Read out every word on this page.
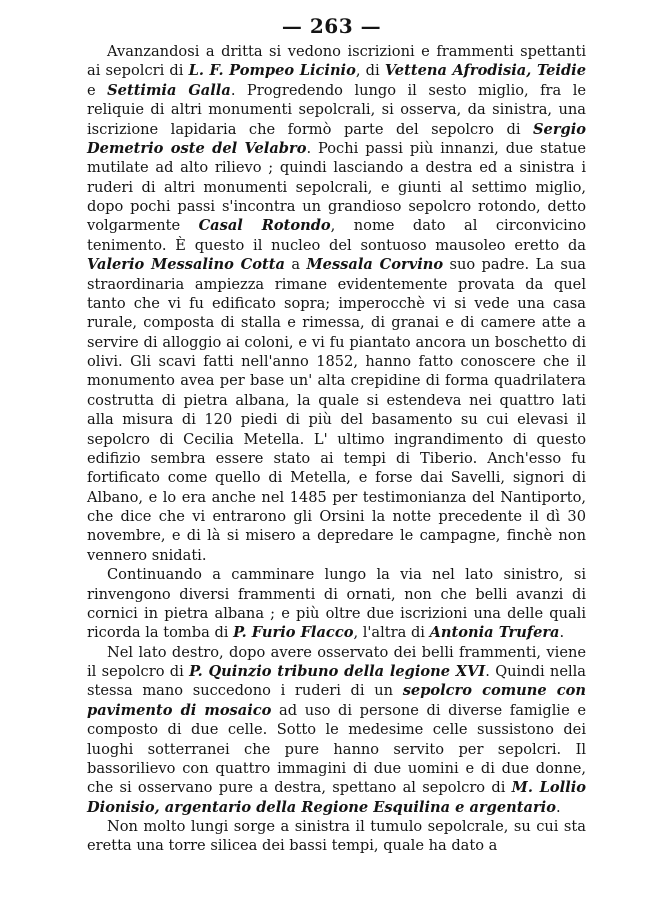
— 263 —

Avanzandosi a dritta si vedono iscrizioni e frammenti spettanti ai sepolcri di L. F. Pompeo Licinio, di Vettena Afrodisia, Teidie e Settimia Galla. Progredendo lungo il sesto miglio, fra le reliquie di altri monumenti sepolcrali, si osserva, da sinistra, una iscrizione lapidaria che formò parte del sepolcro di Sergio Demetrio oste del Velabro. Pochi passi più innanzi, due statue mutilate ad alto rilievo ; quindi lasciando a destra ed a sinistra i ruderi di altri monumenti sepolcrali, e giunti al settimo miglio, dopo pochi passi s'incontra un grandioso sepolcro rotondo, detto volgarmente Casal Rotondo, nome dato al circonvicino tenimento. È questo il nucleo del sontuoso mausoleo eretto da Valerio Messalino Cotta a Messala Corvino suo padre. La sua straordinaria ampiezza rimane evidentemente provata da quel tanto che vi fu edificato sopra; imperocchè vi si vede una casa rurale, composta di stalla e rimessa, di granai e di camere atte a servire di alloggio ai coloni, e vi fu piantato ancora un boschetto di olivi. Gli scavi fatti nell'anno 1852, hanno fatto conoscere che il monumento avea per base un' alta crepidine di forma quadrilatera costrutta di pietra albana, la quale si estendeva nei quattro lati alla misura di 120 piedi di più del basamento su cui elevasi il sepolcro di Cecilia Metella. L' ultimo ingrandimento di questo edifizio sembra essere stato ai tempi di Tiberio. Anch'esso fu fortificato come quello di Metella, e forse dai Savelli, signori di Albano, e lo era anche nel 1485 per testimonianza del Nantiporto, che dice che vi entrarono gli Orsini la notte precedente il dì 30 novembre, e di là si misero a depredare le campagne, finchè non vennero snidati.

Continuando a camminare lungo la via nel lato sinistro, si rinvengono diversi frammenti di ornati, non che belli avanzi di cornici in pietra albana ; e più oltre due iscrizioni una delle quali ricorda la tomba di P. Furio Flacco, l'altra di Antonia Trufera.

Nel lato destro, dopo avere osservato dei belli frammenti, viene il sepolcro di P. Quinzio tribuno della legione XVI. Quindi nella stessa mano succedono i ruderi di un sepolcro comune con pavimento di mosaico ad uso di persone di diverse famiglie e composto di due celle. Sotto le medesime celle sussistono dei luoghi sotterranei che pure hanno servito per sepolcri. Il bassorilievo con quattro immagini di due uomini e di due donne, che si osservano pure a destra, spettano al sepolcro di M. Lollio Dionisio, argentario della Regione Esquilina e argentario.

Non molto lungi sorge a sinistra il tumulo sepolcrale, su cui sta eretta una torre silicea dei bassi tempi, quale ha dato a
